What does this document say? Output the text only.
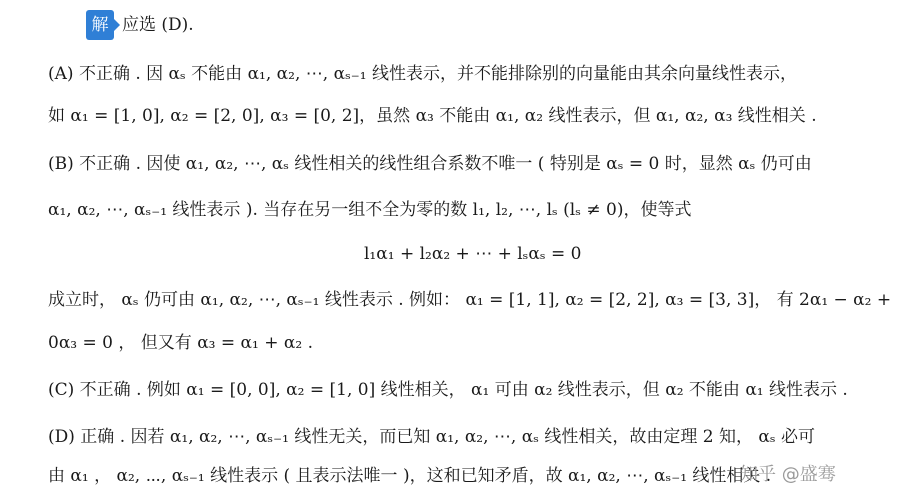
解 应选 (D).
(A) 不正确 . 因 αₛ 不能由 α₁, α₂, ⋯, αₛ₋₁ 线性表示，并不能排除别的向量能由其余向量线性表示，
如 α₁ = [1, 0], α₂ = [2, 0], α₃ = [0, 2]，虽然 α₃ 不能由 α₁, α₂ 线性表示，但 α₁, α₂, α₃ 线性相关 .
(B) 不正确 . 因使 α₁, α₂, ⋯, αₛ 线性相关的线性组合系数不唯一 ( 特别是 αₛ = 0 时，显然 αₛ 仍可由
α₁, α₂, ⋯, αₛ₋₁ 线性表示 ). 当存在另一组不全为零的数 l₁, l₂, ⋯, lₛ (lₛ ≠ 0)，使等式
l₁α₁ + l₂α₂ + ⋯ + lₛαₛ = 0
成立时， αₛ 仍可由 α₁, α₂, ⋯, αₛ₋₁ 线性表示 . 例如： α₁ = [1, 1], α₂ = [2, 2], α₃ = [3, 3]， 有 2α₁ − α₂ +
0α₃ = 0 ， 但又有 α₃ = α₁ + α₂ .
(C) 不正确 . 例如 α₁ = [0, 0], α₂ = [1, 0] 线性相关， α₁ 可由 α₂ 线性表示，但 α₂ 不能由 α₁ 线性表示 .
(D) 正确 . 因若 α₁, α₂, ⋯, αₛ₋₁ 线性无关，而已知 α₁, α₂, ⋯, αₛ 线性相关，故由定理 2 知， αₛ 必可
由 α₁ ， α₂, ⋯, αₛ₋₁ 线性表示 ( 且表示法唯一 )，这和已知矛盾，故 α₁, α₂, ⋯, αₛ₋₁ 线性相关 .
知乎 @盛骞
